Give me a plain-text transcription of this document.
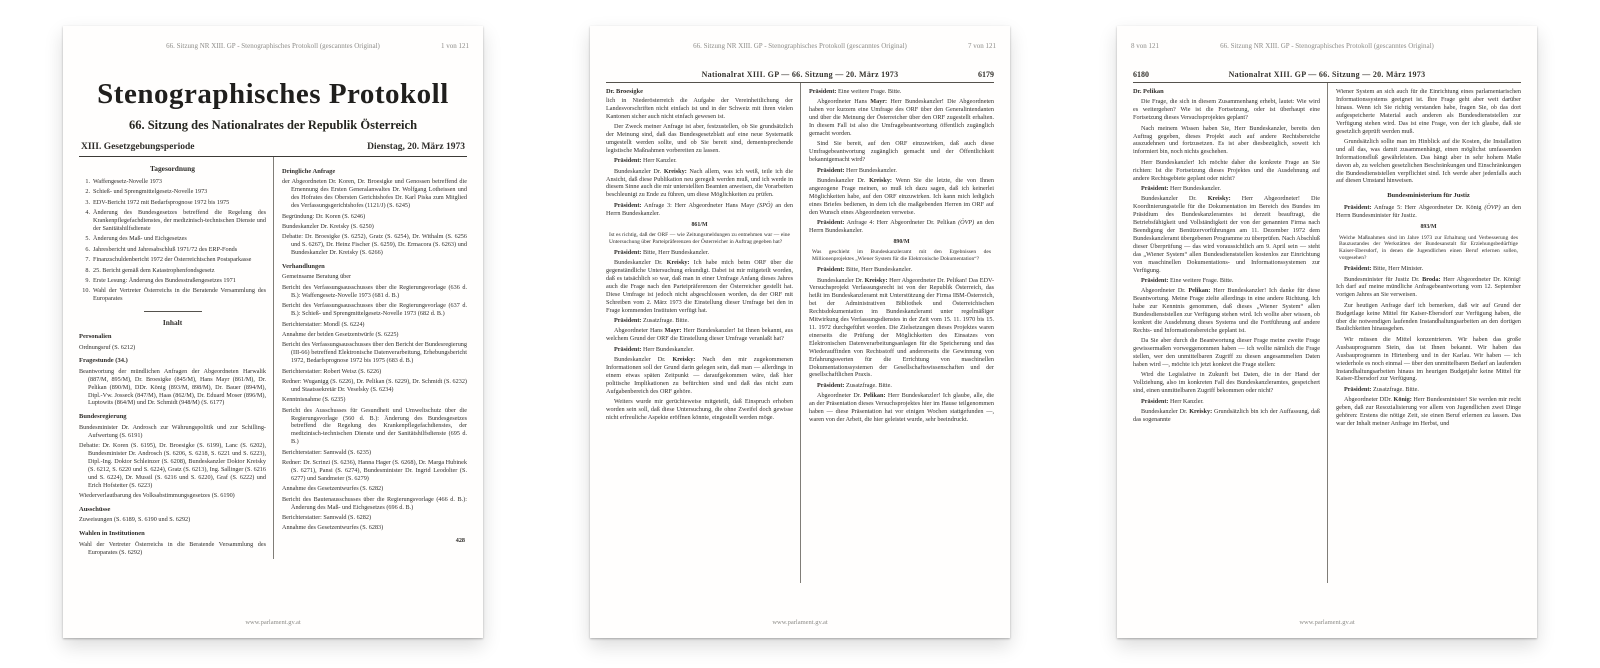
66. Sitzung NR XIII. GP - Stenographisches Protokoll (gescanntes Original)	1 von 121
Stenographisches Protokoll
66. Sitzung des Nationalrates der Republik Österreich
XIII. Gesetzgebungsperiode	Dienstag, 20. März 1973
Tagesordnung
1. Waffengesetz-Novelle 1973
2. Schieß- und Sprengmittelgesetz-Novelle 1973
3. EDV-Bericht 1972 mit Bedarfsprognose 1972 bis 1975
4. Änderung des Bundesgesetzes betreffend die Regelung des Krankenpflegefachdienstes, der medizinisch-technischen Dienste und der Sanitätshilfsdienste
5. Änderung des Maß- und Eichgesetzes
6. Jahresbericht und Jahresabschluß 1971/72 des ERP-Fonds
7. Finanzschuldenbericht 1972 der Österreichischen Postsparkasse
8. 25. Bericht gemäß dem Katastrophenfondsgesetz
9. Erste Lesung: Änderung des Bundesstraßengesetzes 1971
10. Wahl der Vertreter Österreichs in die Beratende Versammlung des Europarates
Inhalt
Personalien

Ordnungsruf (S. 6212)

Fragestunde (34.)

Beantwortung der mündlichen Anfragen der Abgeordneten Harwalik (887/M, 895/M), Dr. Broesigke (845/M), Hans Mayr (861/M), Dr. Pelikan (890/M), DDr. König (893/M, 898/M), Dr. Bauer (894/M), Dipl.-Vw. Josseck (847/M), Haas (862/M), Dr. Eduard Moser (896/M), Luptowits (864/M) und Dr. Schmidt (948/M) (S. 6177)

Bundesregierung

Bundesminister Dr. Androsch zur Währungspolitik und zur Schilling-Aufwertung (S. 6191)

Debatte: Dr. Koren (S. 6195), Dr. Broesigke (S. 6199), Lanc (S. 6202), Bundesminister Dr. Androsch (S. 6206, S. 6218, S. 6221 und S. 6223), Dipl.-Ing. Doktor Schleinzer (S. 6208), Bundeskanzler Doktor Kreisky (S. 6212, S. 6220 und S. 6224), Gratz (S. 6213), Ing. Sallinger (S. 6216 und S. 6224), Dr. Mussil (S. 6216 und S. 6220), Graf (S. 6222) und Erich Hofstetter (S. 6223)

Wiederverlautbarung des Volksabstimmungsgesetzes (S. 6190)

Ausschüsse

Zuweisungen (S. 6189, S. 6190 und S. 6292)

Wahlen in Institutionen

Wahl der Vertreter Österreichs in die Beratende Versammlung des Europarates (S. 6292)

Dringliche Anfrage

der Abgeordneten Dr. Koren, Dr. Broesigke und Genossen betreffend die Ernennung des Ersten Generalanwaltes Dr. Wolfgang Lotheissen und des Hofrates des Obersten Gerichtshofes Dr. Karl Piska zum Mitglied des Verfassungsgerichtshofes (1121/J) (S. 6245)

Begründung: Dr. Koren (S. 6246)

Bundeskanzler Dr. Kreisky (S. 6250)

Debatte: Dr. Broesigke (S. 6252), Gratz (S. 6254), Dr. Withalm (S. 6256 und S. 6267), Dr. Heinz Fischer (S. 6259), Dr. Ermacora (S. 6263) und Bundeskanzler Dr. Kreisky (S. 6266)

Verhandlungen

Gemeinsame Beratung über

Bericht des Verfassungsausschusses über die Regierungsvorlage (636 d. B.): Waffengesetz-Novelle 1973 (681 d. B.)

Bericht des Verfassungsausschusses über die Regierungsvorlage (637 d. B.): Schieß- und Sprengmittelgesetz-Novelle 1973 (682 d. B.)

Berichterstatter: Mondl (S. 6224)

Annahme der beiden Gesetzentwürfe (S. 6225)

Bericht des Verfassungsausschusses über den Bericht der Bundesregierung (III-66) betreffend Elektronische Datenverarbeitung, Erhebungsbericht 1972, Bedarfsprognose 1972 bis 1975 (683 d. B.)

Berichterstatter: Robert Weisz (S. 6226)

Redner: Wuganigg (S. 6226), Dr. Pelikan (S. 6229), Dr. Schmidt (S. 6232) und Staatssekretär Dr. Veselsky (S. 6234)

Kenntnisnahme (S. 6235)

Bericht des Ausschusses für Gesundheit und Umweltschutz über die Regierungsvorlage (560 d. B.): Änderung des Bundesgesetzes betreffend die Regelung des Krankenpflegefachdienstes, der medizinisch-technischen Dienste und der Sanitätshilfsdienste (695 d. B.)

Berichterstatter: Samwald (S. 6235)

Redner: Dr. Scrinzi (S. 6236), Hanna Hager (S. 6268), Dr. Marga Hubinek (S. 6271), Pansi (S. 6274), Bundesminister Dr. Ingrid Leodolter (S. 6277) und Sandmeier (S. 6279)

Annahme des Gesetzentwurfes (S. 6282)

Bericht des Bautenausschusses über die Regierungsvorlage (466 d. B.): Änderung des Maß- und Eichgesetzes (696 d. B.)

Berichterstatter: Samwald (S. 6282)

Annahme des Gesetzentwurfes (S. 6283)

428
www.parlament.gv.at
66. Sitzung NR XIII. GP - Stenographisches Protokoll (gescanntes Original)	7 von 121
Nationalrat XIII. GP — 66. Sitzung — 20. März 1973	6179
Dr. Broesigke

lich in Niederösterreich die Aufgabe der Vereinheitlichung der Landesvorschriften nicht einfach ist und in der Schweiz mit ihren vielen Kantonen sicher auch nicht einfach gewesen ist.

Der Zweck meiner Anfrage ist aber, festzustellen, ob Sie grundsätzlich der Meinung sind, daß das Bundesgesetzblatt auf eine neue Systematik umgestellt werden sollte, und ob Sie bereit sind, dementsprechende legistische Maßnahmen vorbereiten zu lassen.

Präsident: Herr Kanzler.

Bundeskanzler Dr. Kreisky: Nach allem, was ich weiß, teile ich die Ansicht, daß diese Publikation neu geregelt werden muß, und ich werde in diesem Sinne auch die mir unterstellten Beamten anweisen, die Vorarbeiten beschleunigt zu Ende zu führen, um diese Möglichkeiten zu prüfen.

Präsident: Anfrage 3: Herr Abgeordneter Hans Mayr (SPÖ) an den Herrn Bundeskanzler.

861/M
Ist es richtig, daß der ORF — wie Zeitungsmeldungen zu entnehmen war — eine Untersuchung über Parteipräferenzen der Österreicher in Auftrag gegeben hat?

Präsident: Bitte, Herr Bundeskanzler.

Bundeskanzler Dr. Kreisky: Ich habe mich beim ORF über die gegenständliche Untersuchung erkundigt. Dabei ist mir mitgeteilt worden, daß es tatsächlich so war, daß man in einer Umfrage Anfang dieses Jahres auch die Frage nach den Parteipräferenzen der Österreicher gestellt hat. Diese Umfrage ist jedoch nicht abgeschlossen worden, da der ORF mit Schreiben vom 2. März 1973 die Einstellung dieser Umfrage bei den in Frage kommenden Instituten verfügt hat.

Präsident: Zusatzfrage. Bitte.

Abgeordneter Hans Mayr: Herr Bundeskanzler! Ist Ihnen bekannt, aus welchem Grund der ORF die Einstellung dieser Umfrage veranlaßt hat?

Präsident: Herr Bundeskanzler.

Bundeskanzler Dr. Kreisky: Nach den mir zugekommenen Informationen soll der Grund darin gelegen sein, daß man — allerdings in einem etwas späten Zeitpunkt — daraufgekommen wäre, daß hier politische Implikationen zu befürchten sind und daß das nicht zum Aufgabenbereich des ORF gehöre.

Weiters wurde mir gerüchteweise mitgeteilt, daß Einspruch erhoben worden sein soll, daß diese Untersuchung, die ohne Zweifel doch gewisse nicht erfreuliche Aspekte eröffnen könnte, eingestellt werden möge.

Präsident: Eine weitere Frage. Bitte.

Abgeordneter Hans Mayr: Herr Bundeskanzler! Die Abgeordneten haben vor kurzem eine Umfrage des ORF über den Generalintendanten und über die Meinung der Österreicher über den ORF zugestellt erhalten. In diesem Fall ist also die Umfragebeantwortung öffentlich zugänglich gemacht worden.

Sind Sie bereit, auf den ORF einzuwirken, daß auch diese Umfragebeantwortung zugänglich gemacht und der Öffentlichkeit bekanntgemacht wird?

Präsident: Herr Bundeskanzler.

Bundeskanzler Dr. Kreisky: Wenn Sie die letzte, die von Ihnen angezogene Frage meinen, so muß ich dazu sagen, daß ich keinerlei Möglichkeiten habe, auf den ORF einzuwirken. Ich kann mich lediglich eines Briefes bedienen, in dem ich die maßgebenden Herren im ORF auf den Wunsch eines Abgeordneten verweise.

Präsident: Anfrage 4: Herr Abgeordneter Dr. Pelikan (ÖVP) an den Herrn Bundeskanzler.

890/M
Was geschieht im Bundeskanzleramt mit den Ergebnissen des Millionenprojektes „Wiener System für die Elektronische Dokumentation“?

Präsident: Bitte, Herr Bundeskanzler.

Bundeskanzler Dr. Kreisky: Herr Abgeordneter Dr. Pelikan! Das EDV-Versuchsprojekt Verfassungsrecht ist von der Republik Österreich, das heißt im Bundeskanzleramt mit Unterstützung der Firma IBM-Österreich, bei der Administrativen Bibliothek und Österreichischen Rechtsdokumentation im Bundeskanzleramt unter regelmäßiger Mitwirkung des Verfassungsdienstes in der Zeit vom 15. 11. 1970 bis 15. 11. 1972 durchgeführt worden. Die Zielsetzungen dieses Projektes waren einerseits die Prüfung der Möglichkeiten des Einsatzes von Elektronischen Datenverarbeitungsanlagen für die Speicherung und das Wiederauffinden von Rechtsstoff und andererseits die Gewinnung von Erfahrungswerten für die Errichtung von maschinellen Dokumentationssystemen der Gesellschaftswissenschaften und der gesellschaftlichen Praxis.

Präsident: Zusatzfrage. Bitte.

Abgeordneter Dr. Pelikan: Herr Bundeskanzler! Ich glaube, alle, die an der Präsentation dieses Versuchsprojektes hier im Hause teilgenommen haben — diese Präsentation hat vor einigen Wochen stattgefunden —, waren von der Arbeit, die hier geleistet wurde, sehr beeindruckt.

www.parlament.gv.at
8 von 121	66. Sitzung NR XIII. GP - Stenographisches Protokoll (gescanntes Original)
6180	Nationalrat XIII. GP — 66. Sitzung — 20. März 1973
Dr. Pelikan

Die Frage, die sich in diesem Zusammenhang erhebt, lautet: Wie wird es weitergehen? Wie ist die Fortsetzung, oder ist überhaupt eine Fortsetzung dieses Versuchsprojektes geplant?

Nach meinem Wissen haben Sie, Herr Bundeskanzler, bereits den Auftrag gegeben, dieses Projekt auch auf andere Rechtsbereiche auszudehnen und fortzusetzen. Es ist aber diesbezüglich, soweit ich informiert bin, noch nichts geschehen.

Herr Bundeskanzler! Ich möchte daher die konkrete Frage an Sie richten: Ist die Fortsetzung dieses Projektes und die Ausdehnung auf andere Rechtsgebiete geplant oder nicht?

Präsident: Herr Bundeskanzler.

Bundeskanzler Dr. Kreisky: Herr Abgeordneter! Die Koordinierungsstelle für die Dokumentation im Bereich des Bundes im Präsidium des Bundeskanzleramtes ist derzeit beauftragt, die Betriebsfähigkeit und Vollständigkeit der von der genannten Firma nach Beendigung der Benützervorführungen am 11. Dezember 1972 dem Bundeskanzleramt übergebenen Programme zu überprüfen. Nach Abschluß dieser Überprüfung — das wird voraussichtlich am 9. April sein — steht das „Wiener System“ allen Bundesdienststellen kostenlos zur Einrichtung von maschinellen Dokumentations- und Informationssystemen zur Verfügung.

Präsident: Eine weitere Frage. Bitte.

Abgeordneter Dr. Pelikan: Herr Bundeskanzler! Ich danke für diese Beantwortung. Meine Frage zielte allerdings in eine andere Richtung. Ich habe zur Kenntnis genommen, daß dieses „Wiener System“ allen Bundesdienststellen zur Verfügung stehen wird. Ich wollte aber wissen, ob konkret die Ausdehnung dieses Systems und die Fortführung auf andere Rechts- und Informationsbereiche geplant ist.

Da Sie aber durch die Beantwortung dieser Frage meine zweite Frage gewissermaßen vorweggenommen haben — ich wollte nämlich die Frage stellen, wer den unmittelbaren Zugriff zu diesen angesammelten Daten haben wird —, möchte ich jetzt konkret die Frage stellen:

Wird die Legislative in Zukunft bei Daten, die in der Hand der Vollziehung, also im konkreten Fall des Bundeskanzleramtes, gespeichert sind, einen unmittelbaren Zugriff bekommen oder nicht?

Präsident: Herr Kanzler.

Bundeskanzler Dr. Kreisky: Grundsätzlich bin ich der Auffassung, daß das sogenannte

Wiener System an sich auch für die Einrichtung eines parlamentarischen Informationssystems geeignet ist. Ihre Frage geht aber weit darüber hinaus. Wenn ich Sie richtig verstanden habe, fragen Sie, ob das dort aufgespeicherte Material auch anderen als Bundesdienststellen zur Verfügung stehen wird. Das ist eine Frage, von der ich glaube, daß sie gesetzlich geprüft werden muß.

Grundsätzlich sollte man im Hinblick auf die Kosten, die Installation und all das, was damit zusammenhängt, einen möglichst umfassenden Informationsfluß gewährleisten. Das hängt aber in sehr hohem Maße davon ab, zu welchen gesetzlichen Beschränkungen und Einschränkungen die Bundesdienststellen verpflichtet sind. Ich werde aber jedenfalls auch auf diesen Umstand hinweisen.

Bundesministerium für Justiz

Präsident: Anfrage 5: Herr Abgeordneter Dr. König (ÖVP) an den Herrn Bundesminister für Justiz.

893/M
Welche Maßnahmen sind im Jahre 1973 zur Erhaltung und Verbesserung des Bauzustandes der Werkstätten der Bundesanstalt für Erziehungsbedürftige Kaiser-Ebersdorf, in denen die Jugendlichen einen Beruf erlernen sollen, vorgesehen?

Präsident: Bitte, Herr Minister.

Bundesminister für Justiz Dr. Broda: Herr Abgeordneter Dr. König! Ich darf auf meine mündliche Anfragebeantwortung vom 12. September vorigen Jahres an Sie verweisen.

Zur heutigen Anfrage darf ich bemerken, daß wir auf Grund der Budgetlage keine Mittel für Kaiser-Ebersdorf zur Verfügung haben, die über die notwendigen laufenden Instandhaltungsarbeiten an den dortigen Baulichkeiten hinausgehen.

Wir müssen die Mittel konzentrieren. Wir haben das große Ausbauprogramm Stein, das ist Ihnen bekannt. Wir haben das Ausbauprogramm in Hirtenberg und in der Karlau. Wir haben — ich wiederhole es noch einmal — über den unmittelbaren Bedarf an laufenden Instandhaltungsarbeiten hinaus im heurigen Budgetjahr keine Mittel für Kaiser-Ebersdorf zur Verfügung.

Präsident: Zusatzfrage. Bitte.

Abgeordneter DDr. König: Herr Bundesminister! Sie werden mir recht geben, daß zur Resozialisierung vor allem von Jugendlichen zwei Dinge gehören: Erstens die nötige Zeit, sie einen Beruf erlernen zu lassen. Das war der Inhalt meiner Anfrage im Herbst, und

www.parlament.gv.at
